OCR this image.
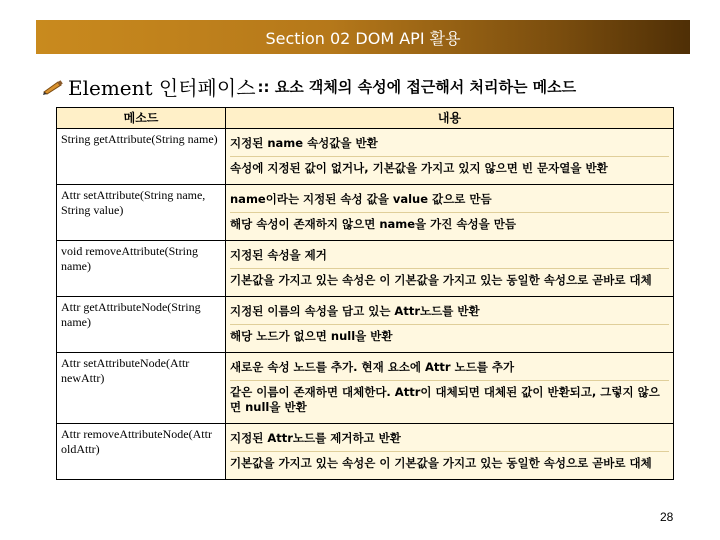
Section 02 DOM API 활용
Element 인터페이스 :: 요소 객체의 속성에 접근해서 처리하는 메소드
메소드	내용
String getAttribute(String name)	지정된 name 속성값을 반환
속성에 지정된 값이 없거나, 기본값을 가지고 있지 않으면 빈 문자열을 반환

Attr setAttribute(String name, String value)	name이라는 지정된 속성 값을 value 값으로 만듬
해당 속성이 존재하지 않으면 name을 가진 속성을 만듬

void removeAttribute(String name)	지정된 속성을 제거
기본값을 가지고 있는 속성은 이 기본값을 가지고 있는 동일한 속성으로 곧바로 대체

Attr getAttributeNode(String name)	지정된 이름의 속성을 담고 있는 Attr노드를 반환
해당 노드가 없으면 null을 반환

Attr setAttributeNode(Attr newAttr)	새로운 속성 노드를 추가. 현재 요소에 Attr 노드를 추가
같은 이름이 존재하면 대체한다. Attr이 대체되면 대체된 값이 반환되고, 그렇지 않으면 null을 반환

Attr removeAttributeNode(Attr oldAttr)	지정된 Attr노드를 제거하고 반환
기본값을 가지고 있는 속성은 이 기본값을 가지고 있는 동일한 속성으로 곧바로 대체
28
